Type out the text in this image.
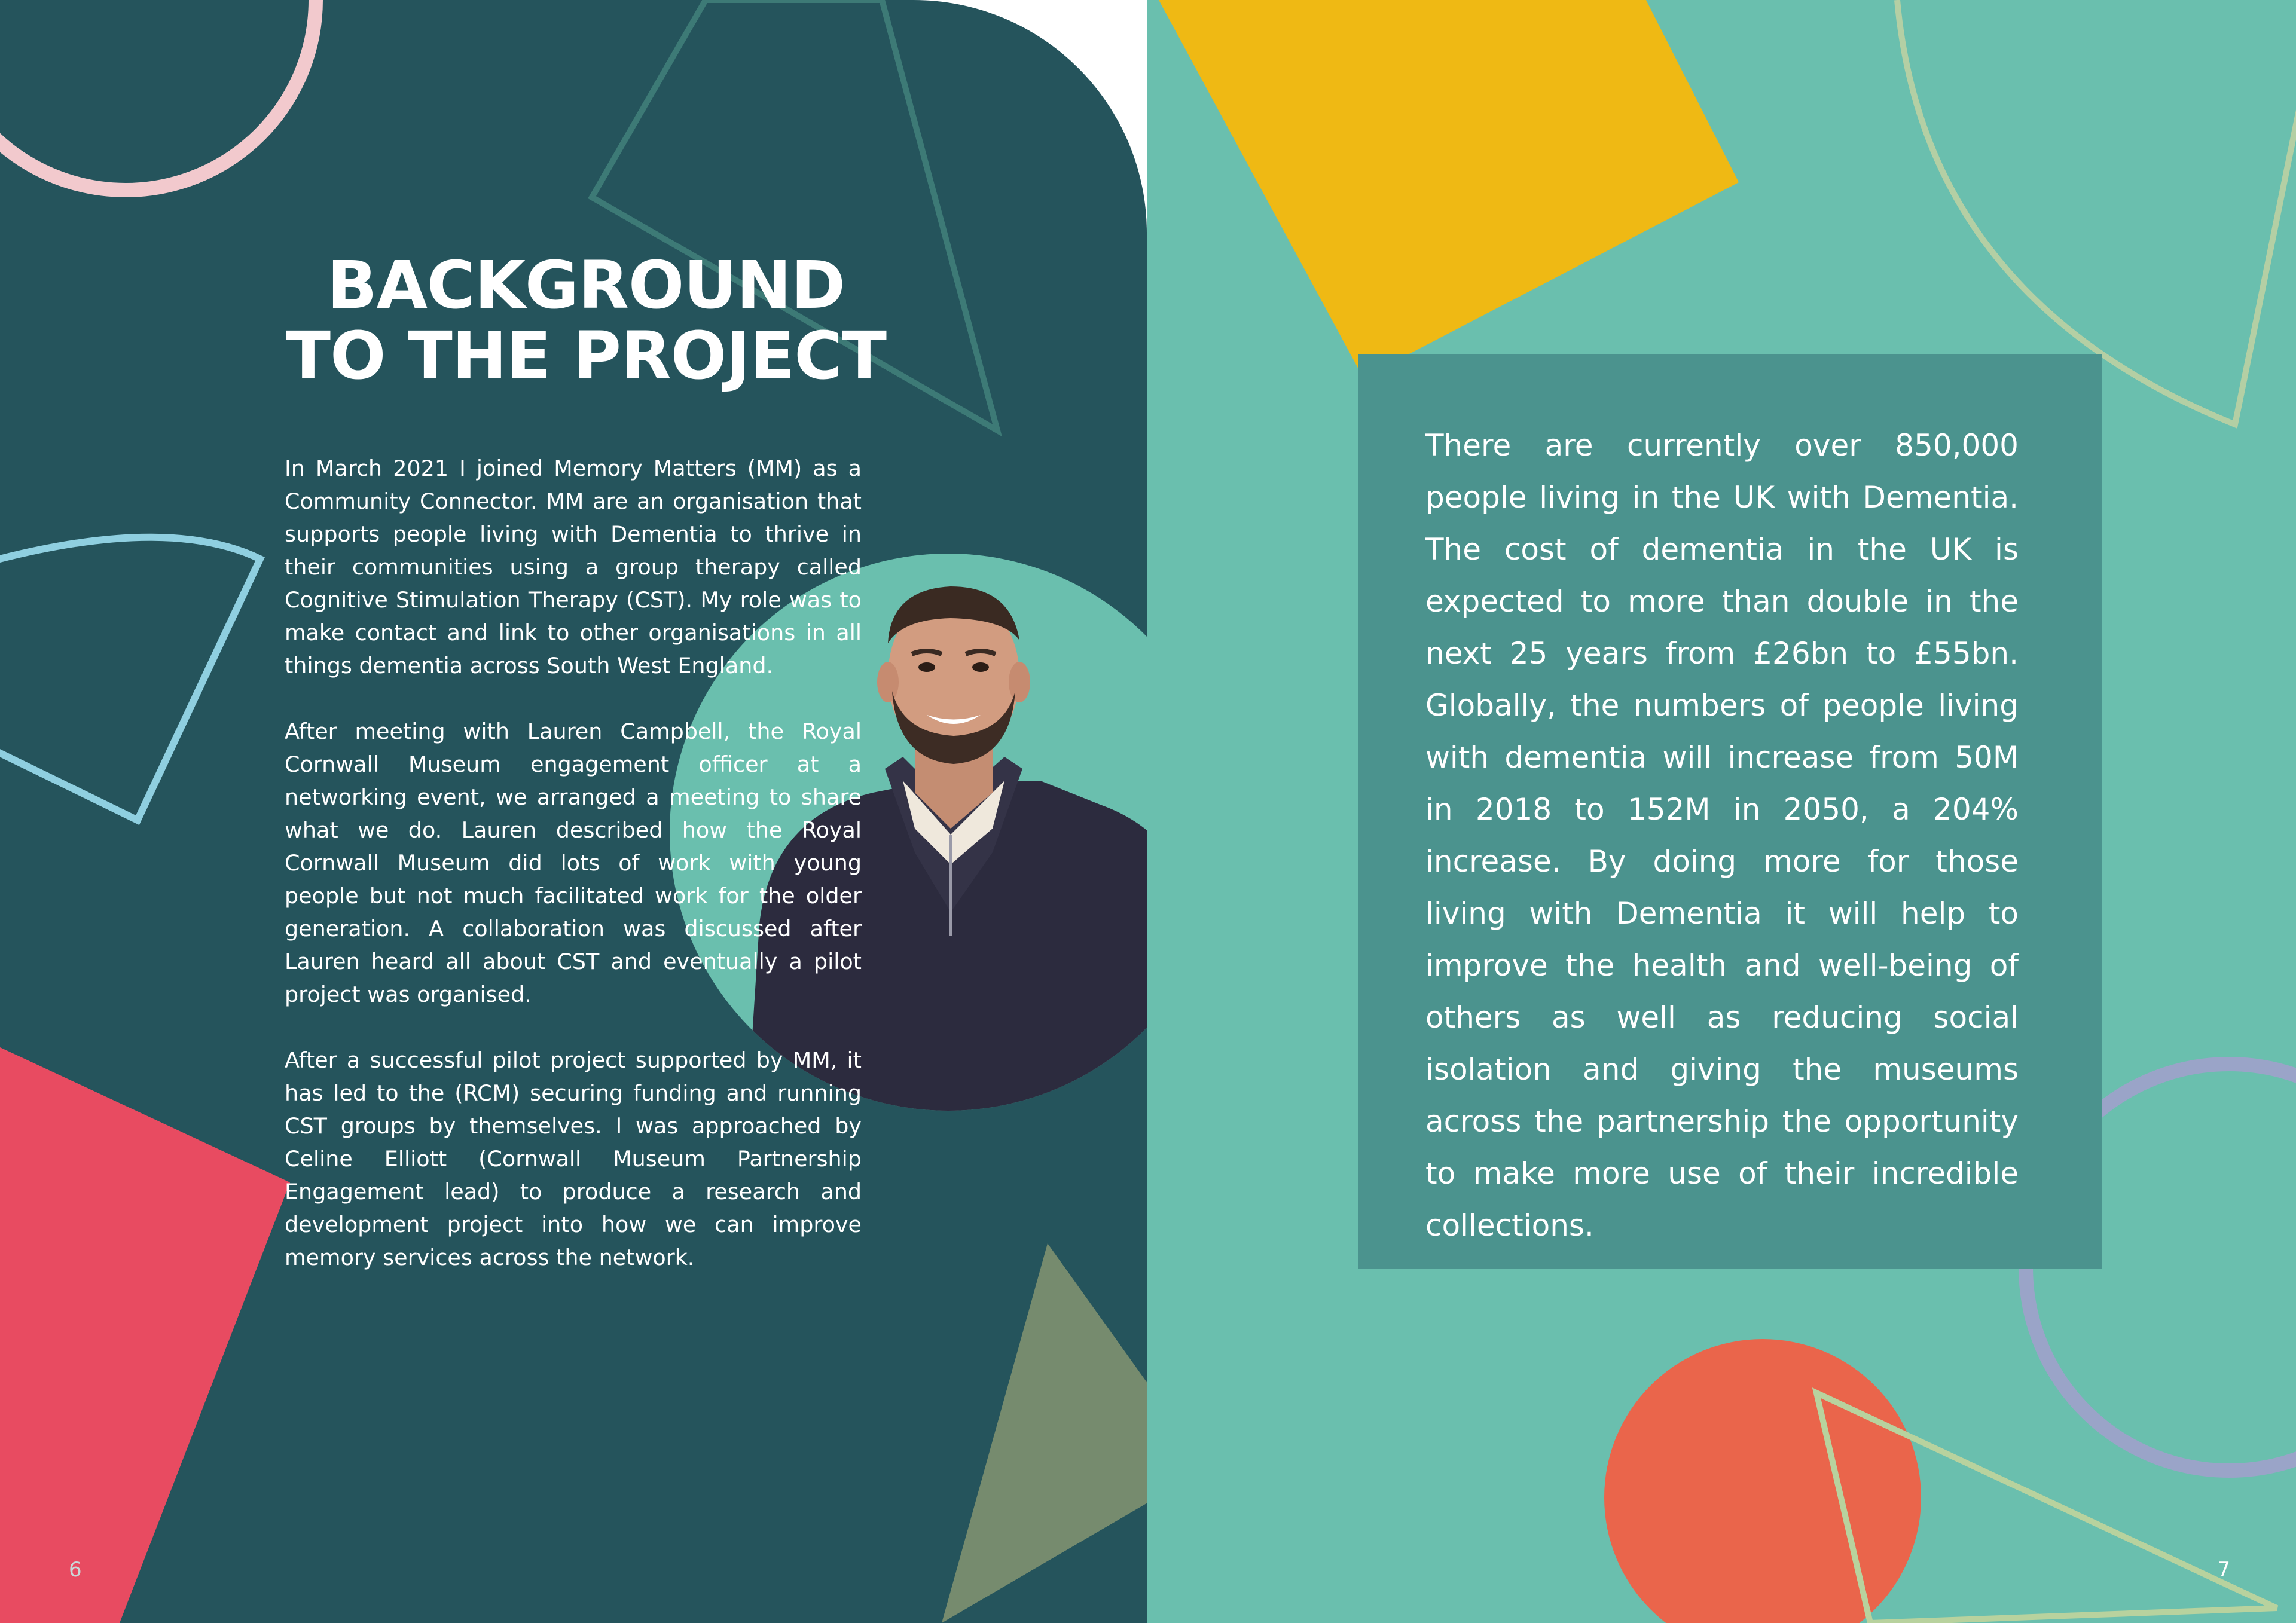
BACKGROUND
TO THE PROJECT

In March 2021 I joined Memory Matters (MM) as a Community Connector. MM are an organisation that supports people living with Dementia to thrive in their communities using a group therapy called Cognitive Stimulation Therapy (CST). My role was to make contact and link to other organisations in all things dementia across South West England.

After meeting with Lauren Campbell, the Royal Cornwall Museum engagement officer at a networking event, we arranged a meeting to share what we do. Lauren described how the Royal Cornwall Museum did lots of work with young people but not much facilitated work for the older generation. A collaboration was discussed after Lauren heard all about CST and eventually a pilot project was organised.

After a successful pilot project supported by MM, it has led to the (RCM) securing funding and running CST groups by themselves. I was approached by Celine Elliott (Cornwall Museum Partnership Engagement lead) to produce a research and development project into how we can improve memory services across the network.

6

There are currently over 850,000 people living in the UK with Dementia. The cost of dementia in the UK is expected to more than double in the next 25 years from £26bn to £55bn. Globally, the numbers of people living with dementia will increase from 50M in 2018 to 152M in 2050, a 204% increase. By doing more for those living with Dementia it will help to improve the health and well-being of others as well as reducing social isolation and giving the museums across the partnership the opportunity to make more use of their incredible collections.

7
